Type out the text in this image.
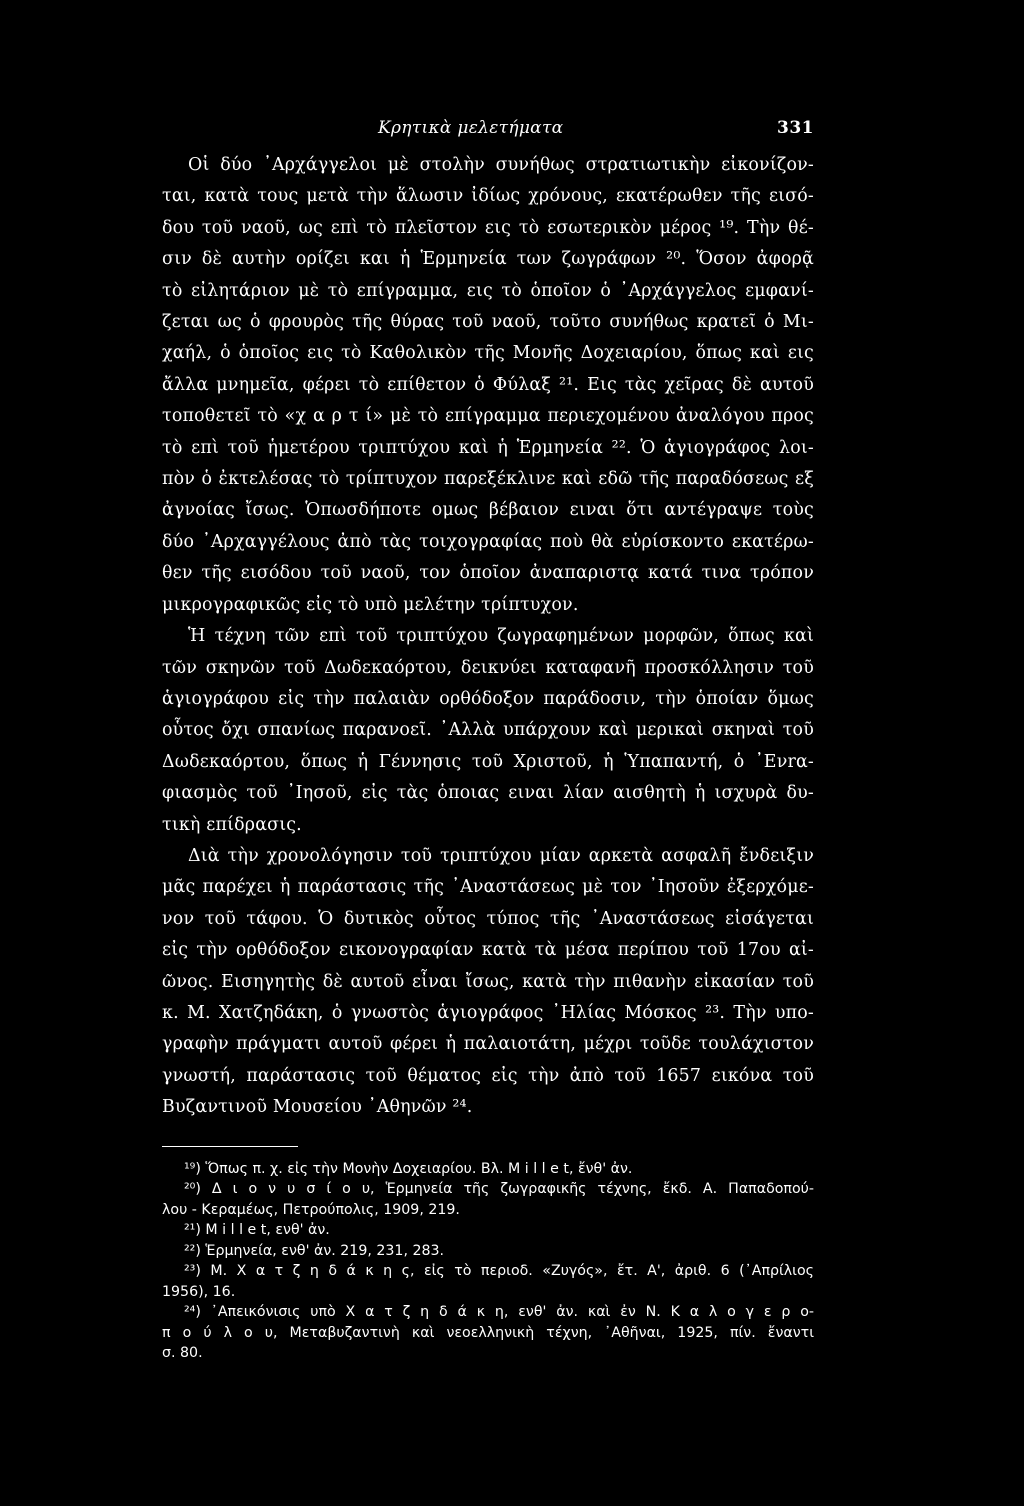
Κρητικὰ μελετήματα	331
Οἱ δύο ᾿Αρχάγγελοι μὲ στολὴν συνήθως στρατιωτικὴν εἰκονίζον-
ται, κατὰ τους μετὰ τὴν ἅλωσιν ἰδίως χρόνους, εκατέρωθεν τῆς εισό-
δου τοῦ ναοῦ, ως επὶ τὸ πλεῖστον εις τὸ εσωτερικὸν μέρος ¹⁹. Τὴν θέ-
σιν δὲ αυτὴν ορίζει και ἡ Ἑρμηνεία των ζωγράφων ²⁰. Ὅσον ἀφορᾷ
τὸ εἰλητάριον μὲ τὸ επίγραμμα, εις τὸ ὁποῖον ὁ ᾿Αρχάγγελος εμφανί-
ζεται ως ὁ φρουρὸς τῆς θύρας τοῦ ναοῦ, τοῦτο συνήθως κρατεῖ ὁ Μι-
χαήλ, ὁ ὁποῖος εις τὸ Καθολικὸν τῆς Μονῆς Δοχειαρίου, ὅπως καὶ εις
ἄλλα μνημεῖα, φέρει τὸ επίθετον ὁ Φύλαξ ²¹. Εις τὰς χεῖρας δὲ αυτοῦ
τοποθετεῖ τὸ «χ α ρ τ ί» μὲ τὸ επίγραμμα περιεχομένου ἀναλόγου προς
τὸ επὶ τοῦ ἡμετέρου τριπτύχου καὶ ἡ Ἑρμηνεία ²². Ὁ ἁγιογράφος λοι-
πὸν ὁ ἐκτελέσας τὸ τρίπτυχον παρεξέκλινε καὶ εδῶ τῆς παραδόσεως εξ
ἀγνοίας ἴσως. Ὁπωσδήποτε ομως βέβαιον ειναι ὅτι αντέγραψε τοὺς
δύο ᾿Αρχαγγέλους ἀπὸ τὰς τοιχογραφίας ποὺ θὰ εὑρίσκοντο εκατέρω-
θεν τῆς εισόδου τοῦ ναοῦ, τον ὁποῖον ἀναπαριστᾳ κατά τινα τρόπον
μικρογραφικῶς εἰς τὸ υπὸ μελέτην τρίπτυχον.
Ἡ τέχνη τῶν επὶ τοῦ τριπτύχου ζωγραφημένων μορφῶν, ὅπως καὶ
τῶν σκηνῶν τοῦ Δωδεκαόρτου, δεικνύει καταφανῆ προσκόλλησιν τοῦ
ἁγιογράφου εἰς τὴν παλαιὰν ορθόδοξον παράδοσιν, τὴν ὁποίαν ὅμως
οὗτος ὄχι σπανίως παρανοεῖ. ᾿Αλλὰ υπάρχουν καὶ μερικαὶ σκηναὶ τοῦ
Δωδεκαόρτου, ὅπως ἡ Γέννησις τοῦ Χριστοῦ, ἡ Ὑπαπαντή, ὁ ᾿Ενrα-
φιασμὸς τοῦ ᾿Ιησοῦ, εἰς τὰς ὁποιας ειναι λίαν αισθητὴ ἡ ισχυρὰ δυ-
τικὴ επίδρασις.
Διὰ τὴν χρονολόγησιν τοῦ τριπτύχου μίαν αρκετὰ ασφαλῆ ἔνδειξιν
μᾶς παρέχει ἡ παράστασις τῆς ᾿Αναστάσεως μὲ τον ᾿Ιησοῦν ἐξερχόμε-
νον τοῦ τάφου. Ὁ δυτικὸς οὗτος τύπος τῆς ᾿Αναστάσεως εἰσάγεται
εἰς τὴν ορθόδοξον εικονογραφίαν κατὰ τὰ μέσα περίπου τοῦ 17ου αἰ-
ῶνος. Εισηγητὴς δὲ αυτοῦ εἶναι ἴσως, κατὰ τὴν πιθανὴν εἰκασίαν τοῦ
κ. Μ. Χατζηδάκη, ὁ γνωστὸς ἁγιογράφος ᾿Ηλίας Μόσκος ²³. Τὴν υπο-
γραφὴν πράγματι αυτοῦ φέρει ἡ παλαιοτάτη, μέχρι τοῦδε τουλάχιστον
γνωστή, παράστασις τοῦ θέματος εἰς τὴν ἀπὸ τοῦ 1657 εικόνα τοῦ
Βυζαντινοῦ Μουσείου ᾿Αθηνῶν ²⁴.
¹⁹) Ὅπως π. χ. εἰς τὴν Μονὴν Δοχειαρίου. Βλ. M i l l e t, ἔνθ' ἀν.
²⁰) Δ ι ο ν υ σ ί ο υ, Ἑρμηνεία τῆς ζωγραφικῆς τέχνης, ἔκδ. Α. Παπαδοπού-
λου - Κεραμέως, Πετρούπολις, 1909, 219.
²¹) M i l l e t, ενθ' ἀν.
²²) Ἑρμηνεία, ενθ' ἀν. 219, 231, 283.
²³) Μ. Χ α τ ζ η δ ά κ η ς, εἰς τὸ περιοδ. «Ζυγός», ἔτ. Α', ἀριθ. 6 (᾿Απρίλιος
1956), 16.
²⁴) ᾿Απεικόνισις υπὸ Χ α τ ζ η δ ά κ η, ενθ' ἀν. καὶ ἐν Ν. Κ α λ ο γ ε ρ ο-
π ο ύ λ ο υ, Μεταβυζαντινὴ καὶ νεοελληνικὴ τέχνη, ᾿Αθῆναι, 1925, πίν. ἔναντι
σ. 80.
